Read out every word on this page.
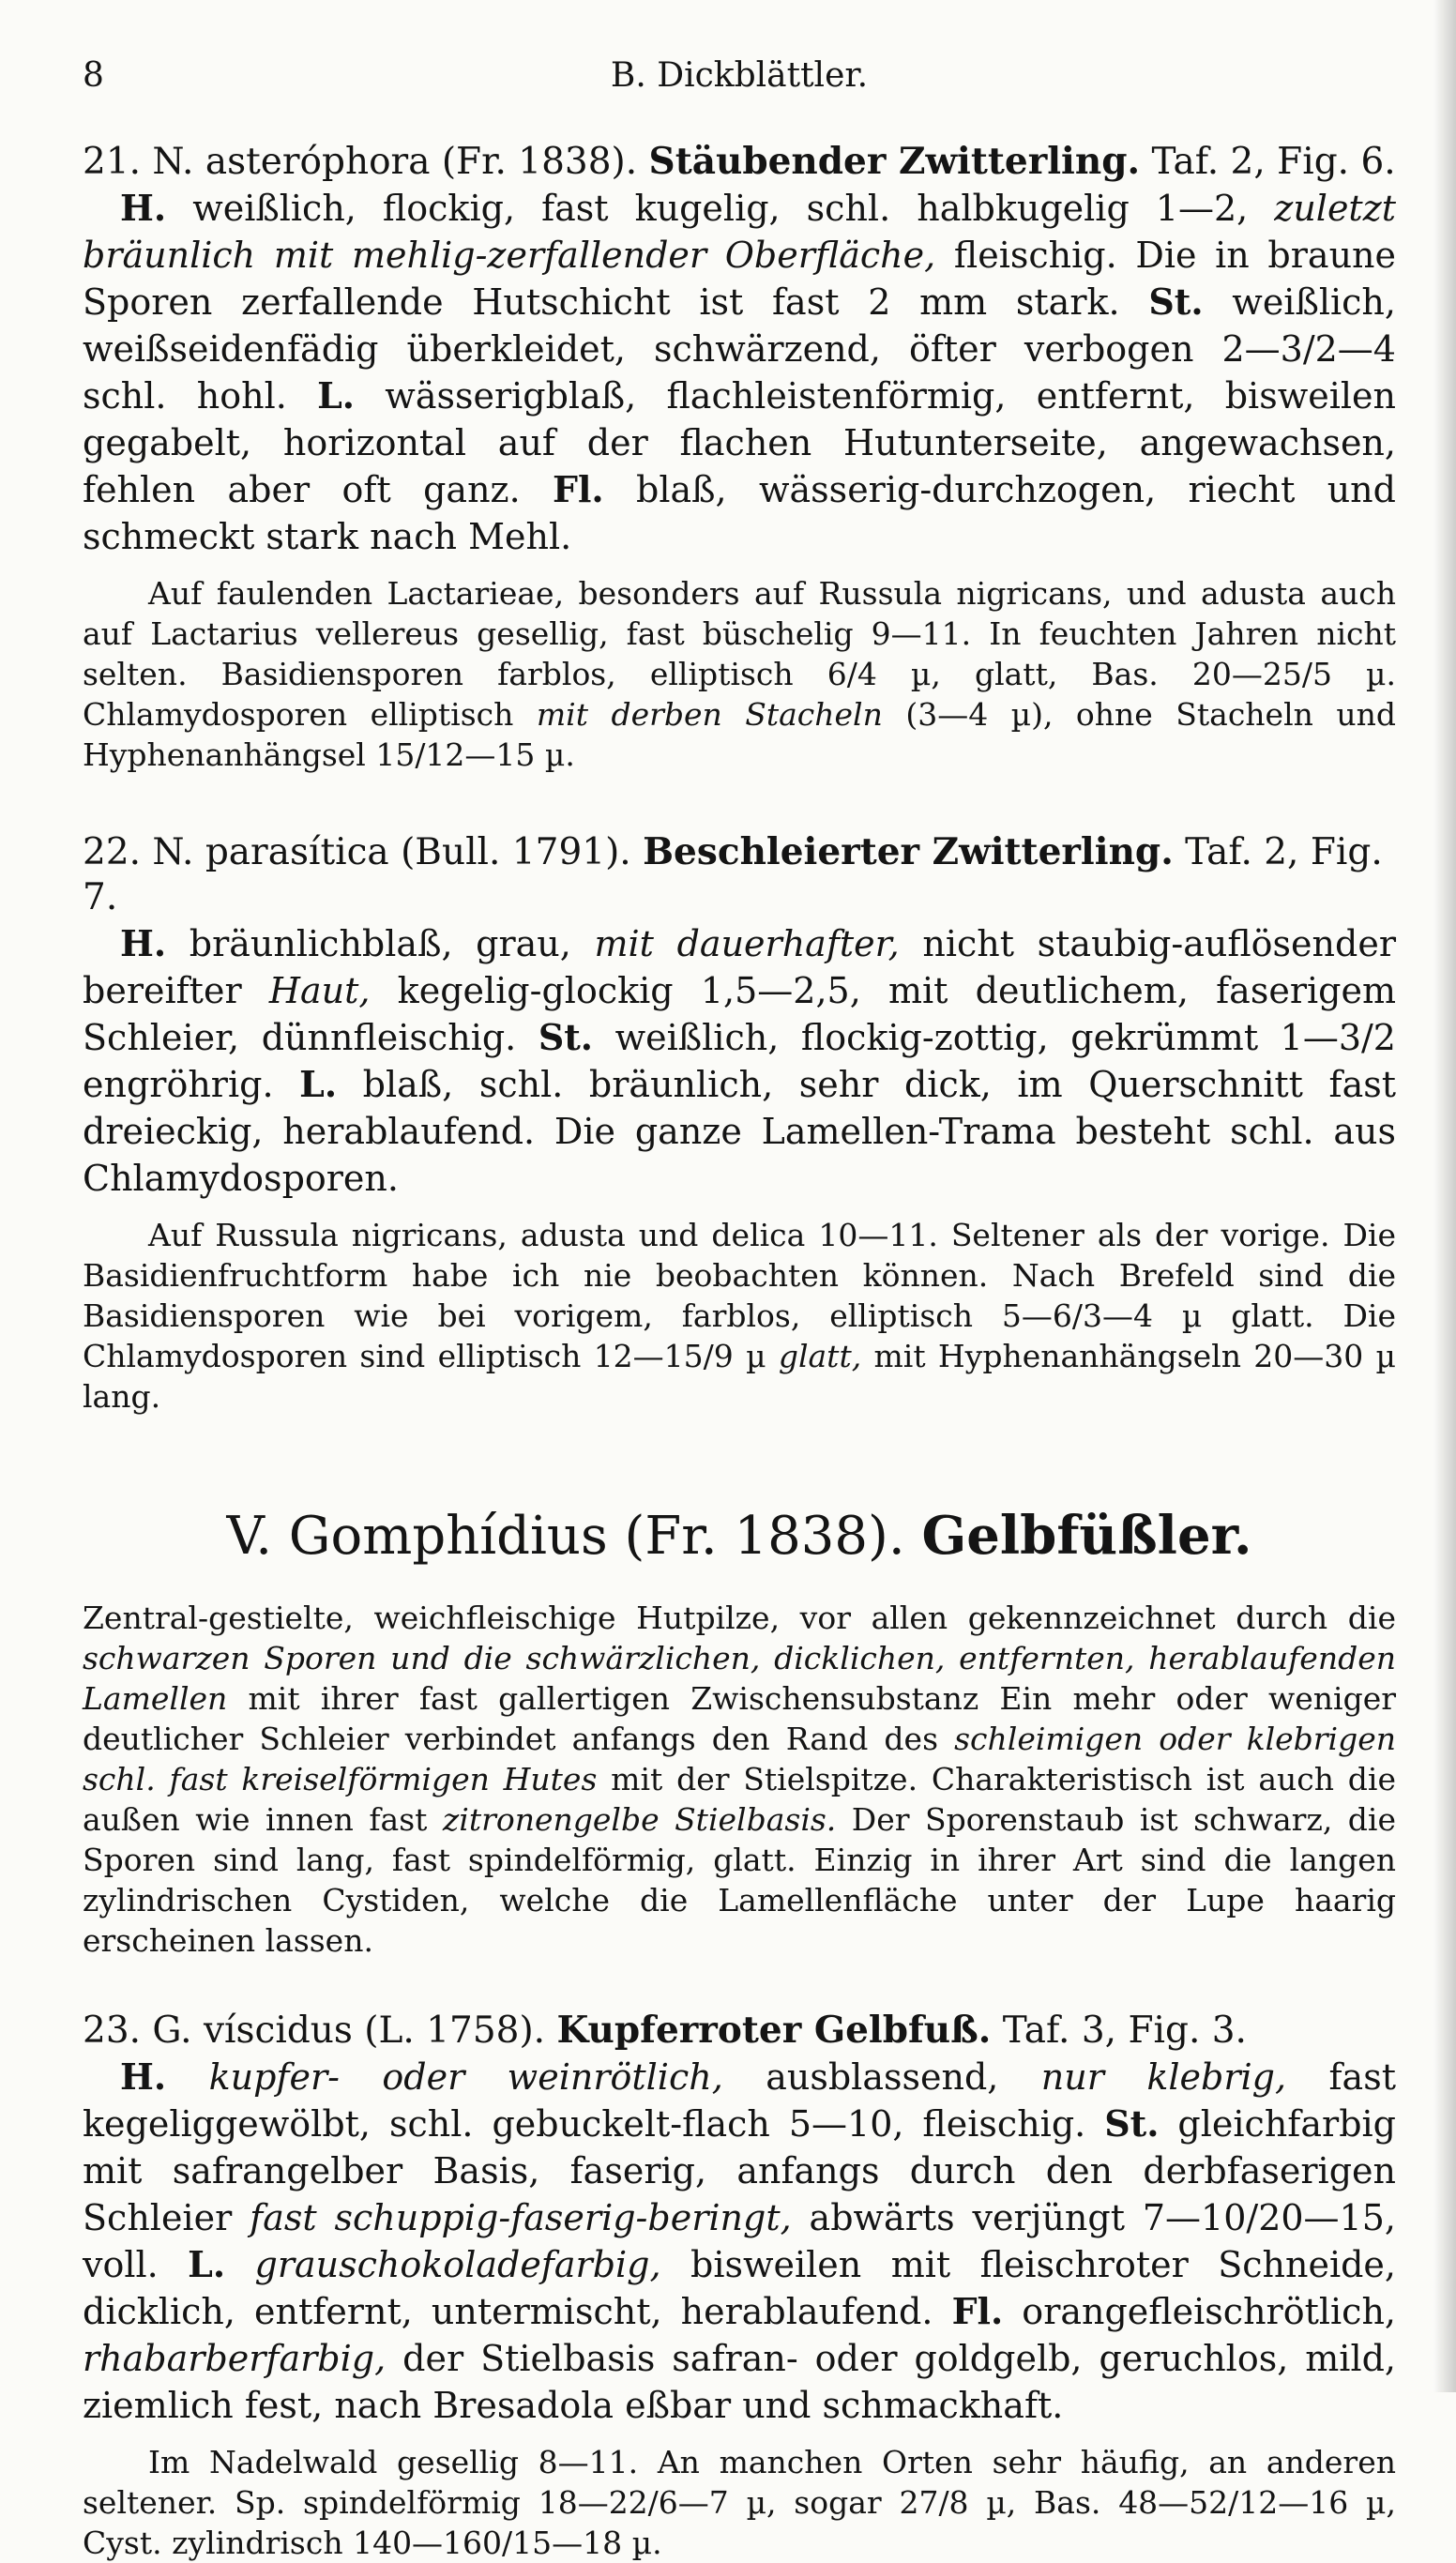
8	B. Dickblättler.
21. N. asteróphora (Fr. 1838). Stäubender Zwitterling. Taf. 2, Fig. 6.
H. weißlich, flockig, fast kugelig, schl. halbkugelig 1—2, zuletzt bräunlich mit mehlig-zerfallender Oberfläche, fleischig. Die in braune Sporen zerfallende Hutschicht ist fast 2 mm stark. St. weißlich, weißseidenfädig überkleidet, schwärzend, öfter verbogen 2—3/2—4 schl. hohl. L. wässerigblaß, flachleistenförmig, entfernt, bisweilen gegabelt, horizontal auf der flachen Hutunterseite, angewachsen, fehlen aber oft ganz. Fl. blaß, wässerig-durchzogen, riecht und schmeckt stark nach Mehl.
Auf faulenden Lactarieae, besonders auf Russula nigricans, und adusta auch auf Lactarius vellereus gesellig, fast büschelig 9—11. In feuchten Jahren nicht selten. Basidiensporen farblos, elliptisch 6/4 µ, glatt, Bas. 20—25/5 µ. Chlamydosporen elliptisch mit derben Stacheln (3—4 µ), ohne Stacheln und Hyphenanhängsel 15/12—15 µ.
22. N. parasítica (Bull. 1791). Beschleierter Zwitterling. Taf. 2, Fig. 7.
H. bräunlichblaß, grau, mit dauerhafter, nicht staubig-auflösender bereifter Haut, kegelig-glockig 1,5—2,5, mit deutlichem, faserigem Schleier, dünnfleischig. St. weißlich, flockig-zottig, gekrümmt 1—3/2 engröhrig. L. blaß, schl. bräunlich, sehr dick, im Querschnitt fast dreieckig, herablaufend. Die ganze Lamellen-Trama besteht schl. aus Chlamydosporen.
Auf Russula nigricans, adusta und delica 10—11. Seltener als der vorige. Die Basidienfruchtform habe ich nie beobachten können. Nach Brefeld sind die Basidiensporen wie bei vorigem, farblos, elliptisch 5—6/3—4 µ glatt. Die Chlamydosporen sind elliptisch 12—15/9 µ glatt, mit Hyphenanhängseln 20—30 µ lang.
V. Gomphídius (Fr. 1838). Gelbfüßler.
Zentral-gestielte, weichfleischige Hutpilze, vor allen gekennzeichnet durch die schwarzen Sporen und die schwärzlichen, dicklichen, entfernten, herablaufenden Lamellen mit ihrer fast gallertigen Zwischensubstanz Ein mehr oder weniger deutlicher Schleier verbindet anfangs den Rand des schleimigen oder klebrigen schl. fast kreiselförmigen Hutes mit der Stielspitze. Charakteristisch ist auch die außen wie innen fast zitronengelbe Stielbasis. Der Sporenstaub ist schwarz, die Sporen sind lang, fast spindelförmig, glatt. Einzig in ihrer Art sind die langen zylindrischen Cystiden, welche die Lamellenfläche unter der Lupe haarig erscheinen lassen.
23. G. víscidus (L. 1758). Kupferroter Gelbfuß. Taf. 3, Fig. 3.
H. kupfer- oder weinrötlich, ausblassend, nur klebrig, fast kegeliggewölbt, schl. gebuckelt-flach 5—10, fleischig. St. gleichfarbig mit safrangelber Basis, faserig, anfangs durch den derbfaserigen Schleier fast schuppig-faserig-beringt, abwärts verjüngt 7—10/20—15, voll. L. grauschokoladefarbig, bisweilen mit fleischroter Schneide, dicklich, entfernt, untermischt, herablaufend. Fl. orangefleischrötlich, rhabarberfarbig, der Stielbasis safran- oder goldgelb, geruchlos, mild, ziemlich fest, nach Bresadola eßbar und schmackhaft.
Im Nadelwald gesellig 8—11. An manchen Orten sehr häufig, an anderen seltener. Sp. spindelförmig 18—22/6—7 µ, sogar 27/8 µ, Bas. 48—52/12—16 µ, Cyst. zylindrisch 140—160/15—18 µ.
